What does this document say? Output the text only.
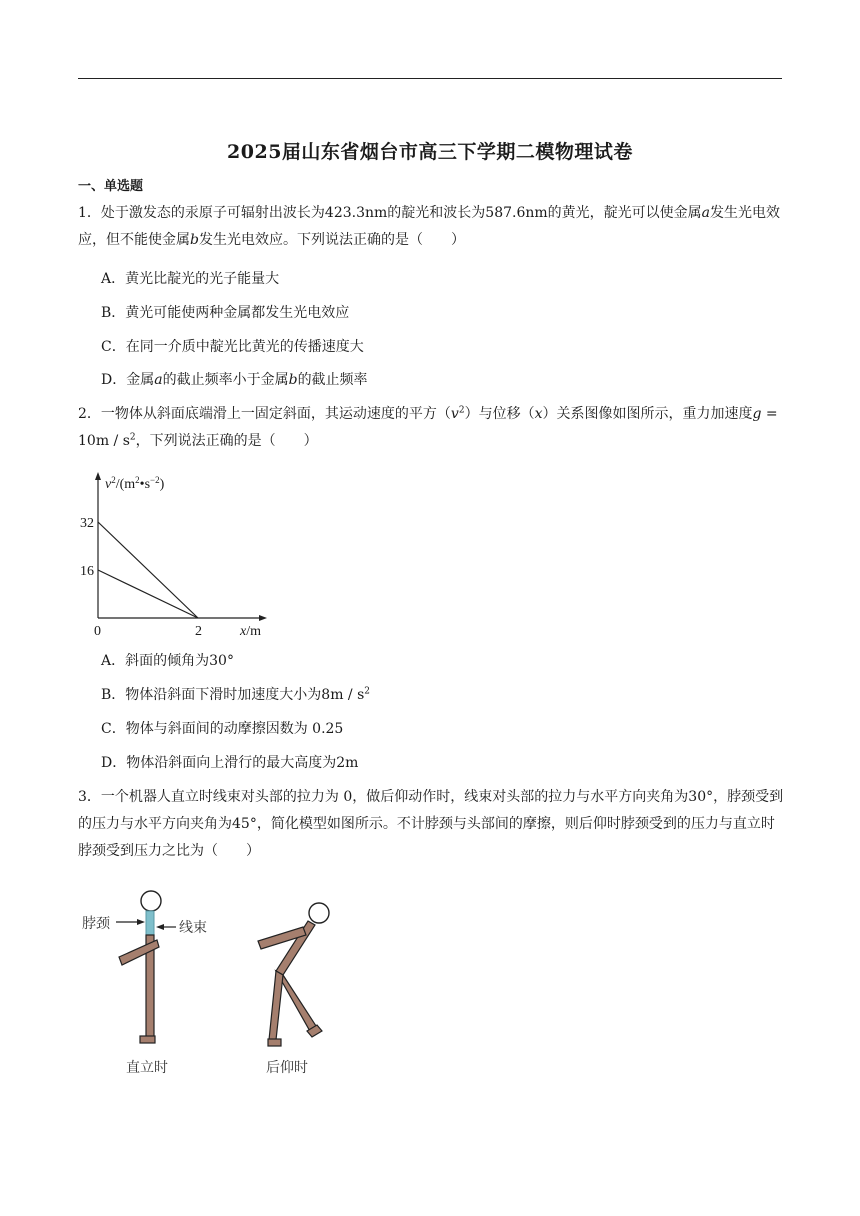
2025届山东省烟台市高三下学期二模物理试卷
一、单选题
1．处于激发态的汞原子可辐射出波长为423.3nm的靛光和波长为587.6nm的黄光，靛光可以使金属a发生光电效应，但不能使金属b发生光电效应。下列说法正确的是（　　）
A．黄光比靛光的光子能量大
B．黄光可能使两种金属都发生光电效应
C．在同一介质中靛光比黄光的传播速度大
D．金属a的截止频率小于金属b的截止频率
2．一物体从斜面底端滑上一固定斜面，其运动速度的平方$(v^2)$与位移（x）关系图像如图所示，重力加速度$g = 10m / s^2$，下列说法正确的是（　　）
$v^2/(m^2•s^{-2})$
32
16
0	2	x/m
A．斜面的倾角为30°
B．物体沿斜面下滑时加速度大小为$8m / s^2$
C．物体与斜面间的动摩擦因数为 0.25
D．物体沿斜面向上滑行的最大高度为2m
3．一个机器人直立时线束对头部的拉力为 0，做后仰动作时，线束对头部的拉力与水平方向夹角为30°，脖颈受到的压力与水平方向夹角为45°，简化模型如图所示。不计脖颈与头部间的摩擦，则后仰时脖颈受到的压力与直立时脖颈受到压力之比为（　　）
脖颈	线束
直立时	后仰时
